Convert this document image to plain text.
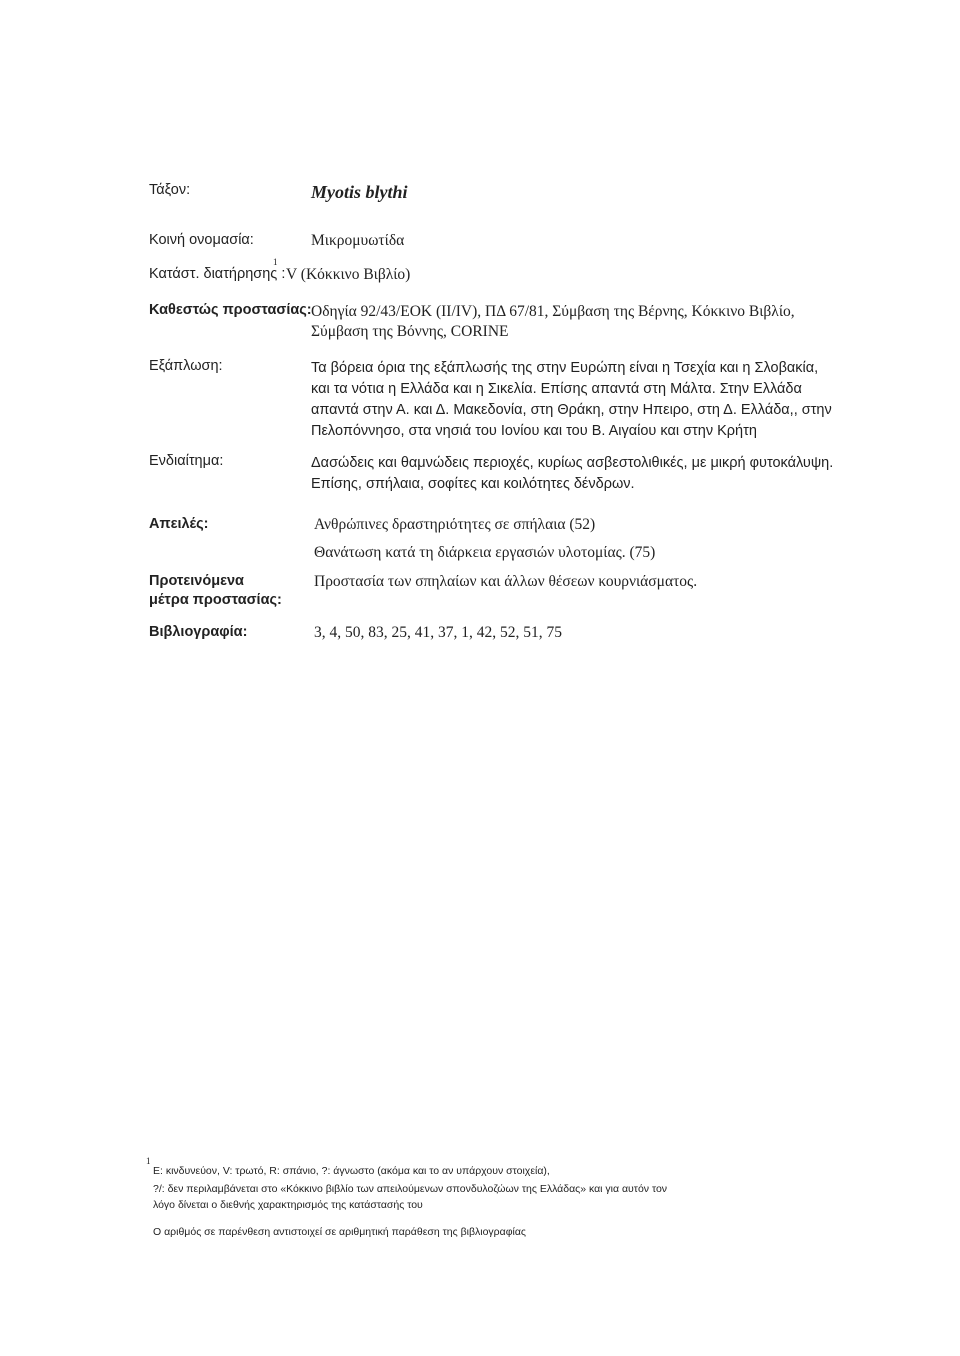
Τάξον:	Myotis blythi
Κοινή ονομασία:	Μικρομυωτίδα
1
Κατάστ. διατήρησης : V (Κόκκινο Βιβλίο)
Καθεστώς προστασίας: Οδηγία 92/43/ΕΟΚ (II/IV), ΠΔ 67/81, Σύμβαση της Βέρνης, Κόκκινο Βιβλίο,
Σύμβαση της Βόννης, CORINE
Εξάπλωση:	Τα βόρεια όρια της εξάπλωσής της στην Ευρώπη είναι η Τσεχία και η Σλοβακία,
και τα νότια η Ελλάδα και η Σικελία. Επίσης απαντά στη Μάλτα. Στην Ελλάδα
απαντά στην Α. και Δ. Μακεδονία, στη Θράκη, στην Ηπειρο, στη Δ. Ελλάδα,, στην
Πελοπόννησο, στα νησιά του Ιονίου και του Β. Αιγαίου και στην Κρήτη
Ενδιαίτημα:	Δασώδεις και θαμνώδεις περιοχές, κυρίως ασβεστολιθικές, με μικρή φυτοκάλυψη.
Επίσης, σπήλαια, σοφίτες και κοιλότητες δένδρων.
Απειλές:	Ανθρώπινες δραστηριότητες σε σπήλαια (52)
Θανάτωση κατά τη διάρκεια εργασιών υλοτομίας. (75)
Προτεινόμενα
μέτρα προστασίας:
Προστασία των σπηλαίων και άλλων θέσεων κουρνιάσματος.
Βιβλιογραφία:	3, 4, 50, 83, 25, 41, 37, 1, 42, 52, 51, 75
1
E: κινδυνεύον, V: τρωτό, R: σπάνιο, ?: άγνωστο (ακόμα και το αν υπάρχουν στοιχεία),
?/: δεν περιλαμβάνεται στο «Κόκκινο βιβλίο των απειλούμενων σπονδυλοζώων της Ελλάδας» και για αυτόν τον
λόγο δίνεται ο διεθνής χαρακτηρισμός της κατάστασής του
Ο αριθμός σε παρένθεση αντιστοιχεί σε αριθμητική παράθεση της βιβλιογραφίας
